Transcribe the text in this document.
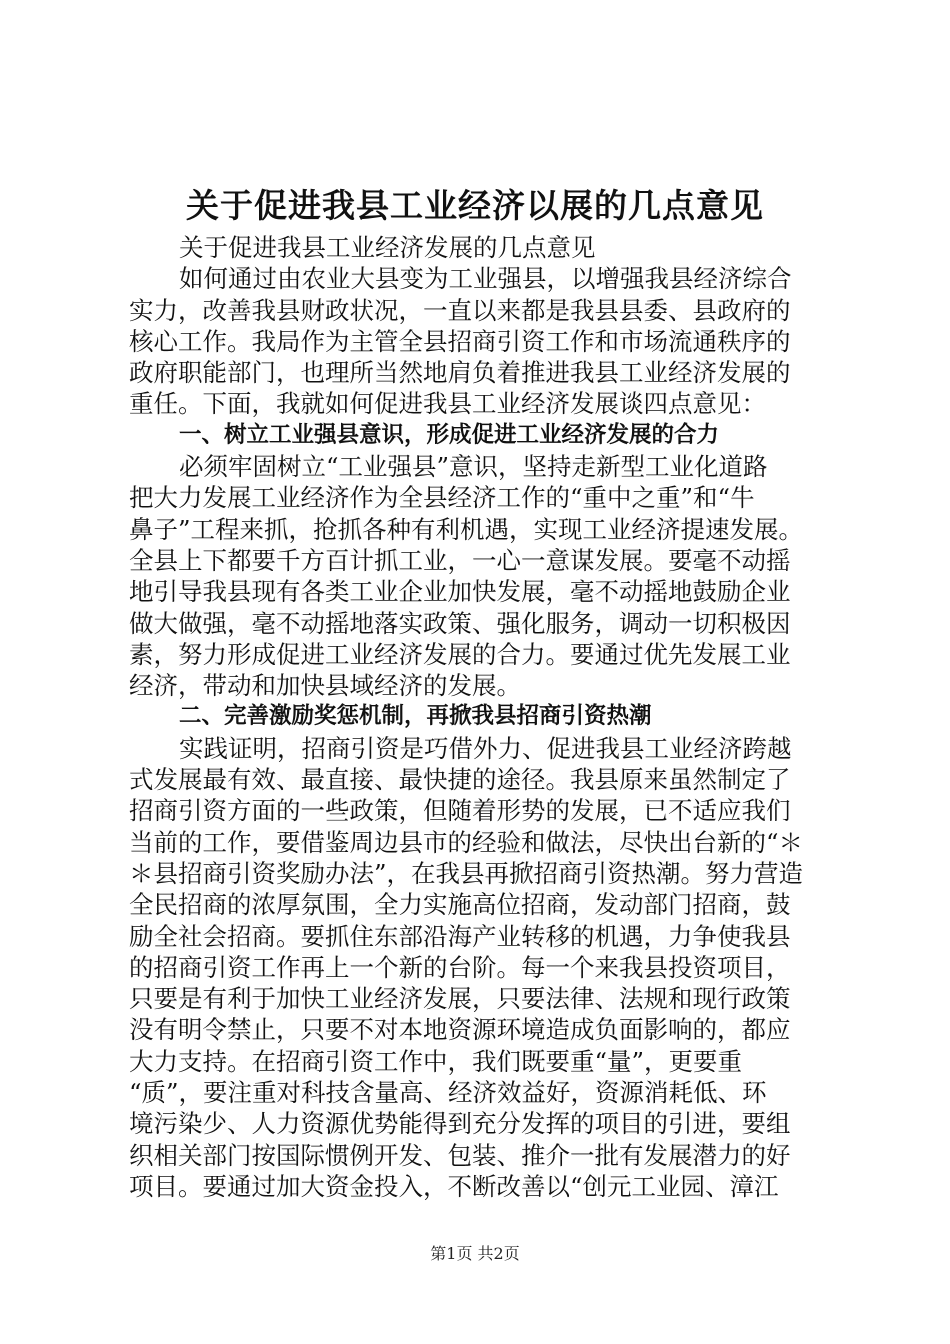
关于促进我县工业经济以展的几点意见
关于促进我县工业经济发展的几点意见
如何通过由农业大县变为工业强县，以增强我县经济综合
实力，改善我县财政状况，一直以来都是我县县委、县政府的
核心工作。我局作为主管全县招商引资工作和市场流通秩序的
政府职能部门，也理所当然地肩负着推进我县工业经济发展的
重任。下面，我就如何促进我县工业经济发展谈四点意见：
一、树立工业强县意识，形成促进工业经济发展的合力
必须牢固树立“工业强县”意识，坚持走新型工业化道路
把大力发展工业经济作为全县经济工作的“重中之重”和“牛
鼻子”工程来抓，抢抓各种有利机遇，实现工业经济提速发展。
全县上下都要千方百计抓工业，一心一意谋发展。要毫不动摇
地引导我县现有各类工业企业加快发展，毫不动摇地鼓励企业
做大做强，毫不动摇地落实政策、强化服务，调动一切积极因
素，努力形成促进工业经济发展的合力。要通过优先发展工业
经济，带动和加快县域经济的发展。
二、完善激励奖惩机制，再掀我县招商引资热潮
实践证明，招商引资是巧借外力、促进我县工业经济跨越
式发展最有效、最直接、最快捷的途径。我县原来虽然制定了
招商引资方面的一些政策，但随着形势的发展，已不适应我们
当前的工作，要借鉴周边县市的经验和做法，尽快出台新的“＊
＊县招商引资奖励办法”，在我县再掀招商引资热潮。努力营造
全民招商的浓厚氛围，全力实施高位招商，发动部门招商，鼓
励全社会招商。要抓住东部沿海产业转移的机遇，力争使我县
的招商引资工作再上一个新的台阶。每一个来我县投资项目，
只要是有利于加快工业经济发展，只要法律、法规和现行政策
没有明令禁止，只要不对本地资源环境造成负面影响的，都应
大力支持。在招商引资工作中，我们既要重“量”，更要重
“质”，要注重对科技含量高、经济效益好，资源消耗低、环
境污染少、人力资源优势能得到充分发挥的项目的引进，要组
织相关部门按国际惯例开发、包装、推介一批有发展潜力的好
项目。要通过加大资金投入，不断改善以“创元工业园、漳江
第1页 共2页
